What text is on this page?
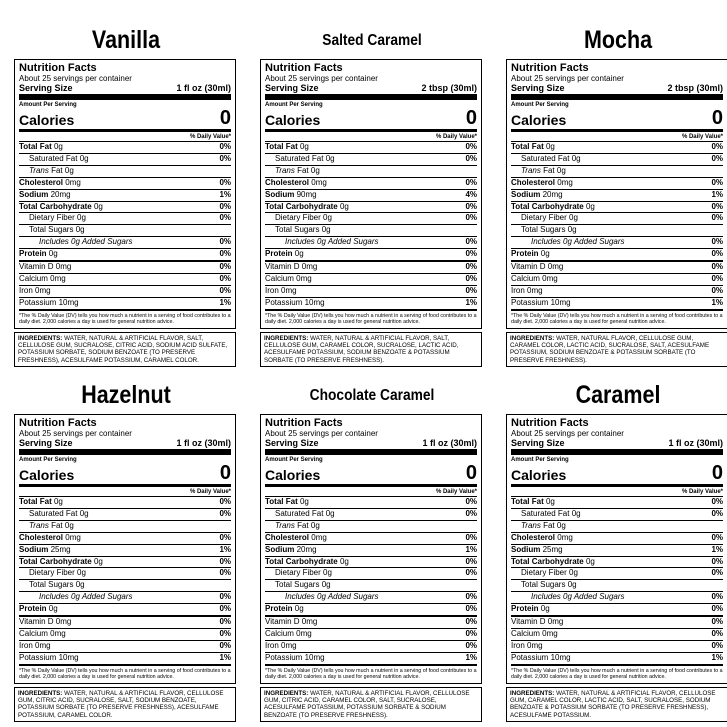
Vanilla
Nutrition Facts
About 25 servings per container
Serving Size	1 fl oz (30ml)
Amount Per Serving
Calories	0
% Daily Value*
Total Fat 0g	0%
Saturated Fat 0g	0%
Trans Fat 0g
Cholesterol 0mg	0%
Sodium 20mg	1%
Total Carbohydrate 0g	0%
Dietary Fiber 0g	0%
Total Sugars 0g
Includes 0g Added Sugars	0%
Protein 0g	0%
Vitamin D 0mg	0%
Calcium 0mg	0%
Iron 0mg	0%
Potassium 10mg	1%
*The % Daily Value (DV) tells you how much a nutrient in a serving of food contributes to a daily diet. 2,000 calories a day is used for general nutrition advice.
INGREDIENTS: WATER, NATURAL & ARTIFICIAL FLAVOR, SALT, CELLULOSE GUM, SUCRALOSE, CITRIC ACID, SODIUM ACID SULFATE, POTASSIUM SORBATE, SODIUM BENZOATE (TO PRESERVE FRESHNESS), ACESULFAME POTASSIUM, CARAMEL COLOR.
Salted Caramel
Nutrition Facts
About 25 servings per container
Serving Size	2 tbsp (30ml)
Amount Per Serving
Calories	0
% Daily Value*
Total Fat 0g	0%
Saturated Fat 0g	0%
Trans Fat 0g
Cholesterol 0mg	0%
Sodium 90mg	4%
Total Carbohydrate 0g	0%
Dietary Fiber 0g	0%
Total Sugars 0g
Includes 0g Added Sugars	0%
Protein 0g	0%
Vitamin D 0mg	0%
Calcium 0mg	0%
Iron 0mg	0%
Potassium 10mg	1%
*The % Daily Value (DV) tells you how much a nutrient in a serving of food contributes to a daily diet. 2,000 calories a day is used for general nutrition advice.
INGREDIENTS: WATER, NATURAL & ARTIFICIAL FLAVOR, SALT, CELLULOSE GUM, CARAMEL COLOR, SUCRALOSE, LACTIC ACID, ACESULFAME POTASSIUM, SODIUM BENZOATE & POTASSIUM SORBATE (TO PRESERVE FRESHNESS).
Mocha
Nutrition Facts
About 25 servings per container
Serving Size	2 tbsp (30ml)
Amount Per Serving
Calories	0
% Daily Value*
Total Fat 0g	0%
Saturated Fat 0g	0%
Trans Fat 0g
Cholesterol 0mg	0%
Sodium 20mg	1%
Total Carbohydrate 0g	0%
Dietary Fiber 0g	0%
Total Sugars 0g
Includes 0g Added Sugars	0%
Protein 0g	0%
Vitamin D 0mg	0%
Calcium 0mg	0%
Iron 0mg	0%
Potassium 10mg	1%
*The % Daily Value (DV) tells you how much a nutrient in a serving of food contributes to a daily diet. 2,000 calories a day is used for general nutrition advice.
INGREDIENTS: WATER, NATURAL FLAVOR, CELLULOSE GUM, CARAMEL COLOR, LACTIC ACID, SUCRALOSE, SALT, ACESULFAME POTASSIUM, SODIUM BENZOATE & POTASSIUM SORBATE (TO PRESERVE FRESHNESS).
Hazelnut
Nutrition Facts
About 25 servings per container
Serving Size	1 fl oz (30ml)
Amount Per Serving
Calories	0
% Daily Value*
Total Fat 0g	0%
Saturated Fat 0g	0%
Trans Fat 0g
Cholesterol 0mg	0%
Sodium 25mg	1%
Total Carbohydrate 0g	0%
Dietary Fiber 0g	0%
Total Sugars 0g
Includes 0g Added Sugars	0%
Protein 0g	0%
Vitamin D 0mg	0%
Calcium 0mg	0%
Iron 0mg	0%
Potassium 10mg	1%
*The % Daily Value (DV) tells you how much a nutrient in a serving of food contributes to a daily diet. 2,000 calories a day is used for general nutrition advice.
INGREDIENTS: WATER, NATURAL & ARTIFICIAL FLAVOR, CELLULOSE GUM, CITRIC ACID, SUCRALOSE, SALT, SODIUM BENZOATE, POTASSIUM SORBATE (TO PRESERVE FRESHNESS), ACESULFAME POTASSIUM, CARAMEL COLOR.
Chocolate Caramel
Nutrition Facts
About 25 servings per container
Serving Size	1 fl oz (30ml)
Amount Per Serving
Calories	0
% Daily Value*
Total Fat 0g	0%
Saturated Fat 0g	0%
Trans Fat 0g
Cholesterol 0mg	0%
Sodium 20mg	1%
Total Carbohydrate 0g	0%
Dietary Fiber 0g	0%
Total Sugars 0g
Includes 0g Added Sugars	0%
Protein 0g	0%
Vitamin D 0mg	0%
Calcium 0mg	0%
Iron 0mg	0%
Potassium 10mg	1%
*The % Daily Value (DV) tells you how much a nutrient in a serving of food contributes to a daily diet. 2,000 calories a day is used for general nutrition advice.
INGREDIENTS: WATER, NATURAL & ARTIFICIAL FLAVOR, CELLULOSE GUM, CITRIC ACID, CARAMEL COLOR, SALT, SUCRALOSE, ACESULFAME POTASSIUM, POTASSIUM SORBATE & SODIUM BENZOATE (TO PRESERVE FRESHNESS).
Caramel
Nutrition Facts
About 25 servings per container
Serving Size	1 fl oz (30ml)
Amount Per Serving
Calories	0
% Daily Value*
Total Fat 0g	0%
Saturated Fat 0g	0%
Trans Fat 0g
Cholesterol 0mg	0%
Sodium 25mg	1%
Total Carbohydrate 0g	0%
Dietary Fiber 0g	0%
Total Sugars 0g
Includes 0g Added Sugars	0%
Protein 0g	0%
Vitamin D 0mg	0%
Calcium 0mg	0%
Iron 0mg	0%
Potassium 10mg	1%
*The % Daily Value (DV) tells you how much a nutrient in a serving of food contributes to a daily diet. 2,000 calories a day is used for general nutrition advice.
INGREDIENTS: WATER, NATURAL & ARTIFICIAL FLAVOR, CELLULOSE GUM, CARAMEL COLOR, LACTIC ACID, SALT, SUCRALOSE, SODIUM BENZOATE & POTASSIUM SORBATE (TO PRESERVE FRESHNESS), ACESULFAME POTASSIUM.
